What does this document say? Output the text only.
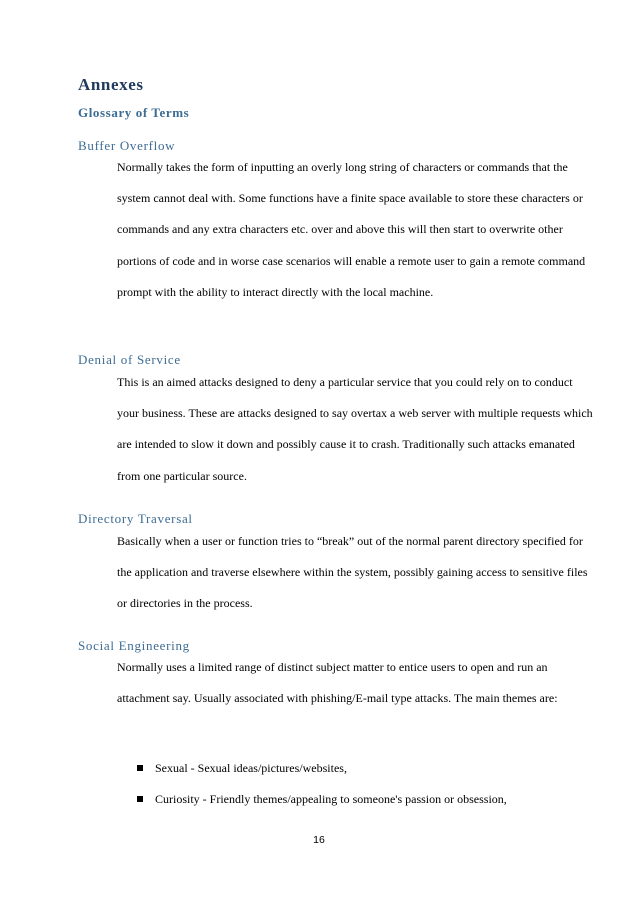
Annexes
Glossary of Terms
Buffer Overflow

Normally takes the form of inputting an overly long string of characters or commands that the system cannot deal with. Some functions have a finite space available to store these characters or commands and any extra characters etc. over and above this will then start to overwrite other portions of code and in worse case scenarios will enable a remote user to gain a remote command prompt with the ability to interact directly with the local machine.

Denial of Service

This is an aimed attacks designed to deny a particular service that you could rely on to conduct your business. These are attacks designed to say overtax a web server with multiple requests which are intended to slow it down and possibly cause it to crash. Traditionally such attacks emanated from one particular source.

Directory Traversal

Basically when a user or function tries to “break” out of the normal parent directory specified for the application and traverse elsewhere within the system, possibly gaining access to sensitive files or directories in the process.

Social Engineering

Normally uses a limited range of distinct subject matter to entice users to open and run an attachment say. Usually associated with phishing/E-mail type attacks. The main themes are:

Sexual - Sexual ideas/pictures/websites,
Curiosity - Friendly themes/appealing to someone's passion or obsession,
16
